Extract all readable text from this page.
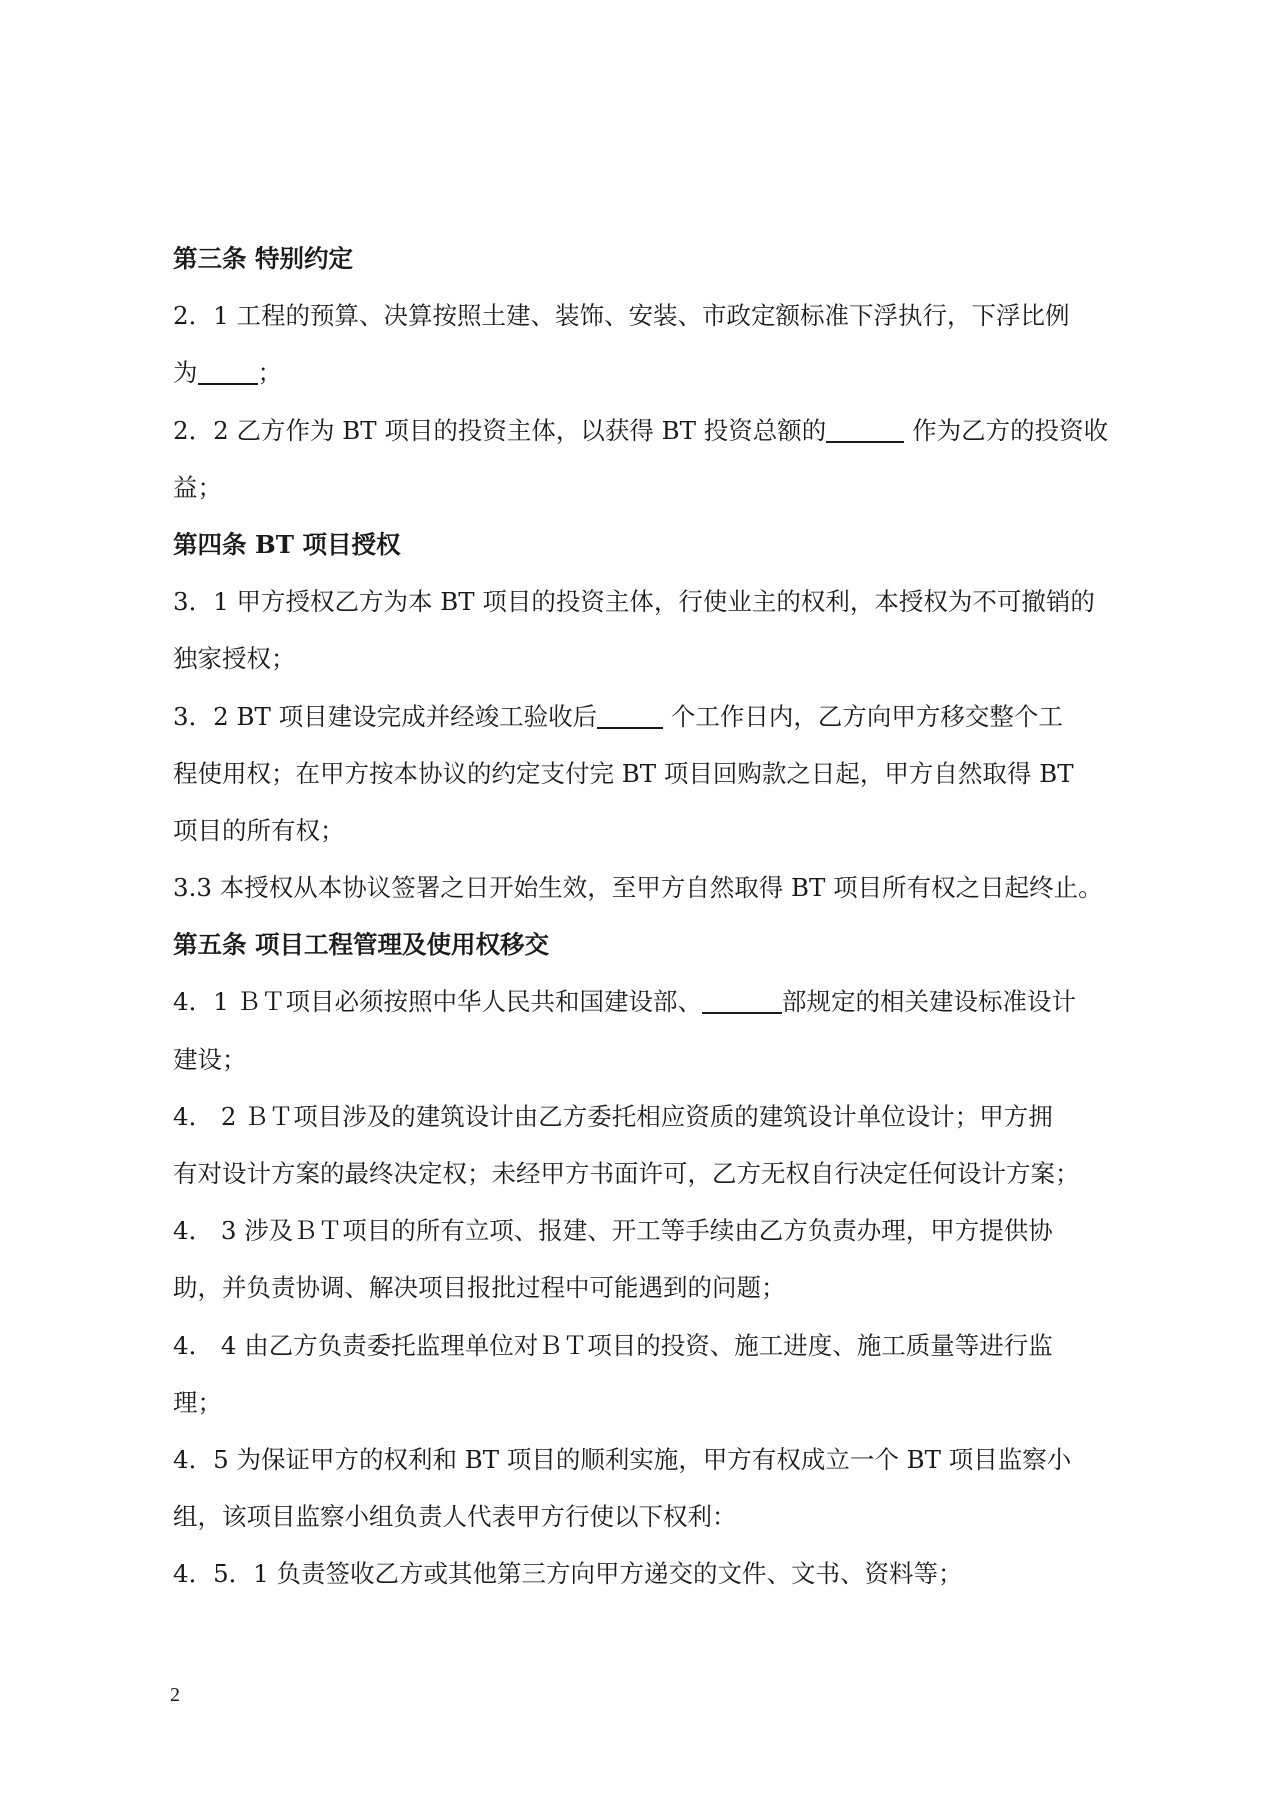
第三条 特别约定
2．1 工程的预算、决算按照土建、装饰、安装、市政定额标准下浮执行，下浮比例
为 ；
2．2 乙方作为 BT 项目的投资主体，以获得 BT 投资总额的	作为乙方的投资收
益；
第四条 BT 项目授权
3．1 甲方授权乙方为本 BT 项目的投资主体，行使业主的权利，本授权为不可撤销的
独家授权；
3．2 BT 项目建设完成并经竣工验收后	个工作日内，乙方向甲方移交整个工
程使用权；在甲方按本协议的约定支付完 BT 项目回购款之日起，甲方自然取得 BT
项目的所有权；
3.3 本授权从本协议签署之日开始生效，至甲方自然取得 BT 项目所有权之日起终止。
第五条 项目工程管理及使用权移交
4．1 ＢＴ项目必须按照中华人民共和国建设部、	部规定的相关建设标准设计
建设；
4． 2 ＢＴ项目涉及的建筑设计由乙方委托相应资质的建筑设计单位设计；甲方拥
有对设计方案的最终决定权；未经甲方书面许可，乙方无权自行决定任何设计方案；
4． 3 涉及ＢＴ项目的所有立项、报建、开工等手续由乙方负责办理，甲方提供协
助，并负责协调、解决项目报批过程中可能遇到的问题；
4． 4 由乙方负责委托监理单位对ＢＴ项目的投资、施工进度、施工质量等进行监
理；
4．5 为保证甲方的权利和 BT 项目的顺利实施，甲方有权成立一个 BT 项目监察小
组，该项目监察小组负责人代表甲方行使以下权利：
4．5．1 负责签收乙方或其他第三方向甲方递交的文件、文书、资料等；
2
